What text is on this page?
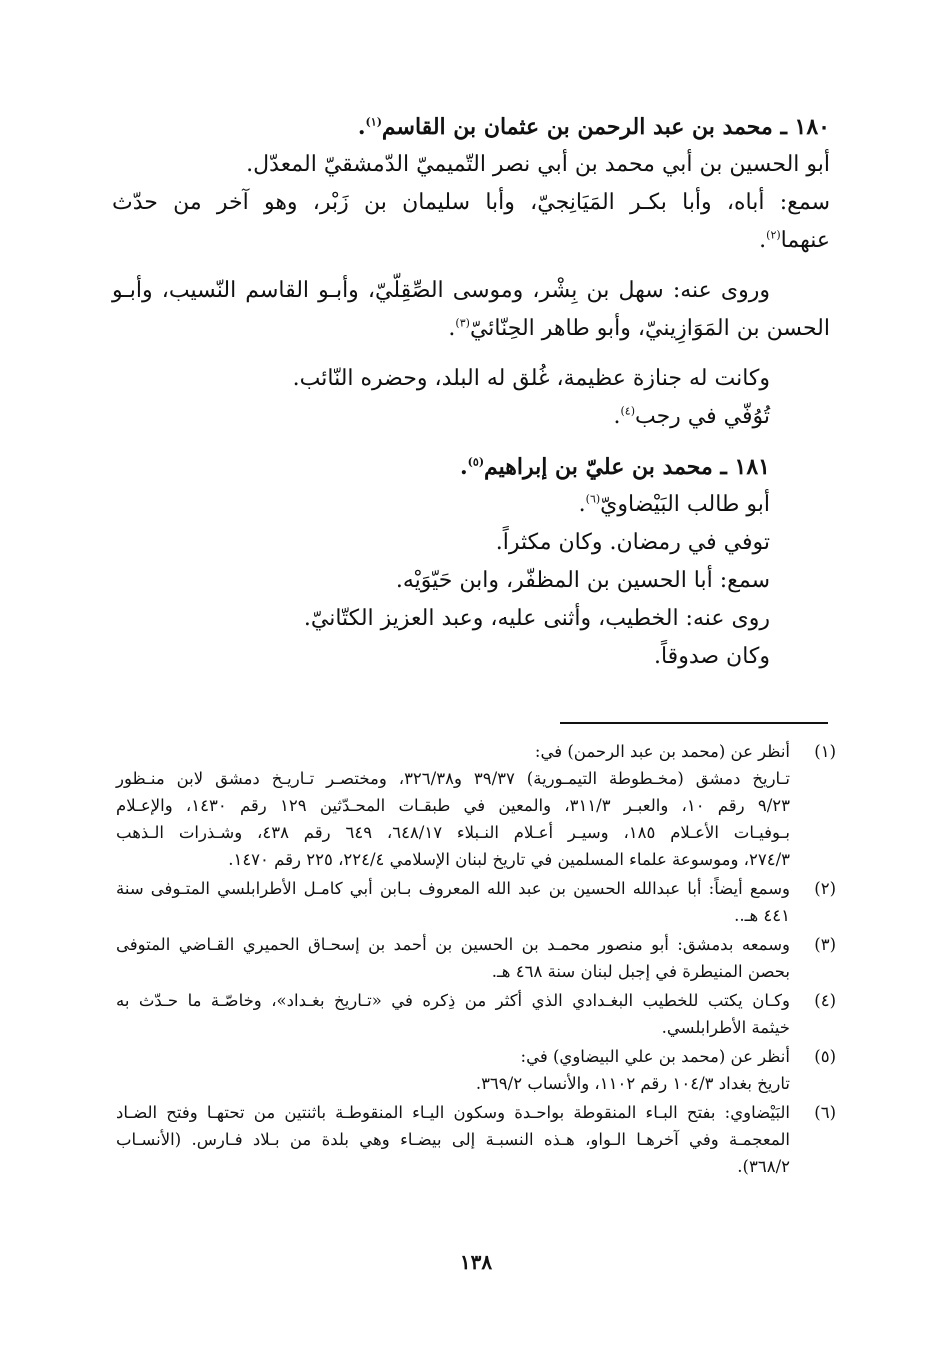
١٨٠ ـ محمد بن عبد الرحمن بن عثمان بن القاسم$^{(١)}$.
أبو الحسين بن أبي محمد بن أبي نصر التّميميّ الدّمشقيّ المعدّل.
سمع: أباه، وأبا بكـر المَيَانِجيّ، وأبا سليمان بن زَبْر، وهو آخر من حدّث
عنهما$^{(٢)}$.
وروى عنه: سهل بن بِشْر، وموسى الصِّقِلّيّ، وأبـو القاسم النّسيب، وأبـو
الحسن بن المَوَازِينيّ، وأبو طاهر الحِنّائيّ$^{(٣)}$.
وكانت له جنازة عظيمة، غُلق له البلد، وحضره النّائب.
تُوُفّي في رجب$^{(٤)}$.
١٨١ ـ محمد بن عليّ بن إبراهيم$^{(٥)}$.
أبو طالب البَيْضاويّ$^{(٦)}$.
توفي في رمضان. وكان مكثراً.
سمع: أبا الحسين بن المظفّر، وابن حَيّوَيْه.
روى عنه: الخطيب، وأثنى عليه، وعبد العزيز الكتّانيّ.
وكان صدوقاً.
(١)
أنظر عن (محمد بن عبد الرحمن) في:
تـاريخ دمشق (مخـطوطة التيمـورية) ٣٩/٣٧ و٣٢٦/٣٨، ومختصـر تـاريـخ دمشق لابن منـظور
٩/٢٣ رقم ١٠، والعبـر ٣١١/٣، والمعين في طبقـات المحـدّثين ١٢٩ رقم ١٤٣٠، والإعـلام
بـوفيـات الأعـلام ١٨٥، وسيـر أعـلام النـبلاء ٦٤٨/١٧، ٦٤٩ رقم ٤٣٨، وشـذرات الـذهب
٢٧٤/٣، وموسوعة علماء المسلمين في تاريخ لبنان الإسلامي ٢٢٤/٤، ٢٢٥ رقم ١٤٧٠.
(٢)
وسمع أيضاً: أبا عبدالله الحسين بن عبد الله المعروف بـابن أبي كامـل الأطرابلسي المتـوفى سنة
٤٤١ هـ..
(٣)
وسمعه بدمشق: أبو منصور محمـد بن الحسين بن أحمد بن إسحـاق الحميري القـاضي المتوفى
بحصن المنيطرة في إجبل لبنان سنة ٤٦٨ هـ.
(٤)
وكـان يكتب للخطيب البغـدادي الذي أكثر من ذِكره في «تـاريخ بغـداد»، وخاصّـة ما حـدّث به
خيثمة الأطرابلسي.
(٥)
أنظر عن (محمد بن علي البيضاوي) في:
تاريخ بغداد ١٠٤/٣ رقم ١١٠٢، والأنساب ٣٦٩/٢.
(٦)
البَيْضاوي: بفتح البـاء المنقوطة بواحـدة وسكون اليـاء المنقوطـة باثنتين من تحتهـا وفتح الضـاد
المعجمـة وفي آخرهـا الـواو، هـذه النسبـة إلى بيضـاء وهي بلدة من بـلاد فـارس. (الأنسـاب
٣٦٨/٢).
١٣٨
